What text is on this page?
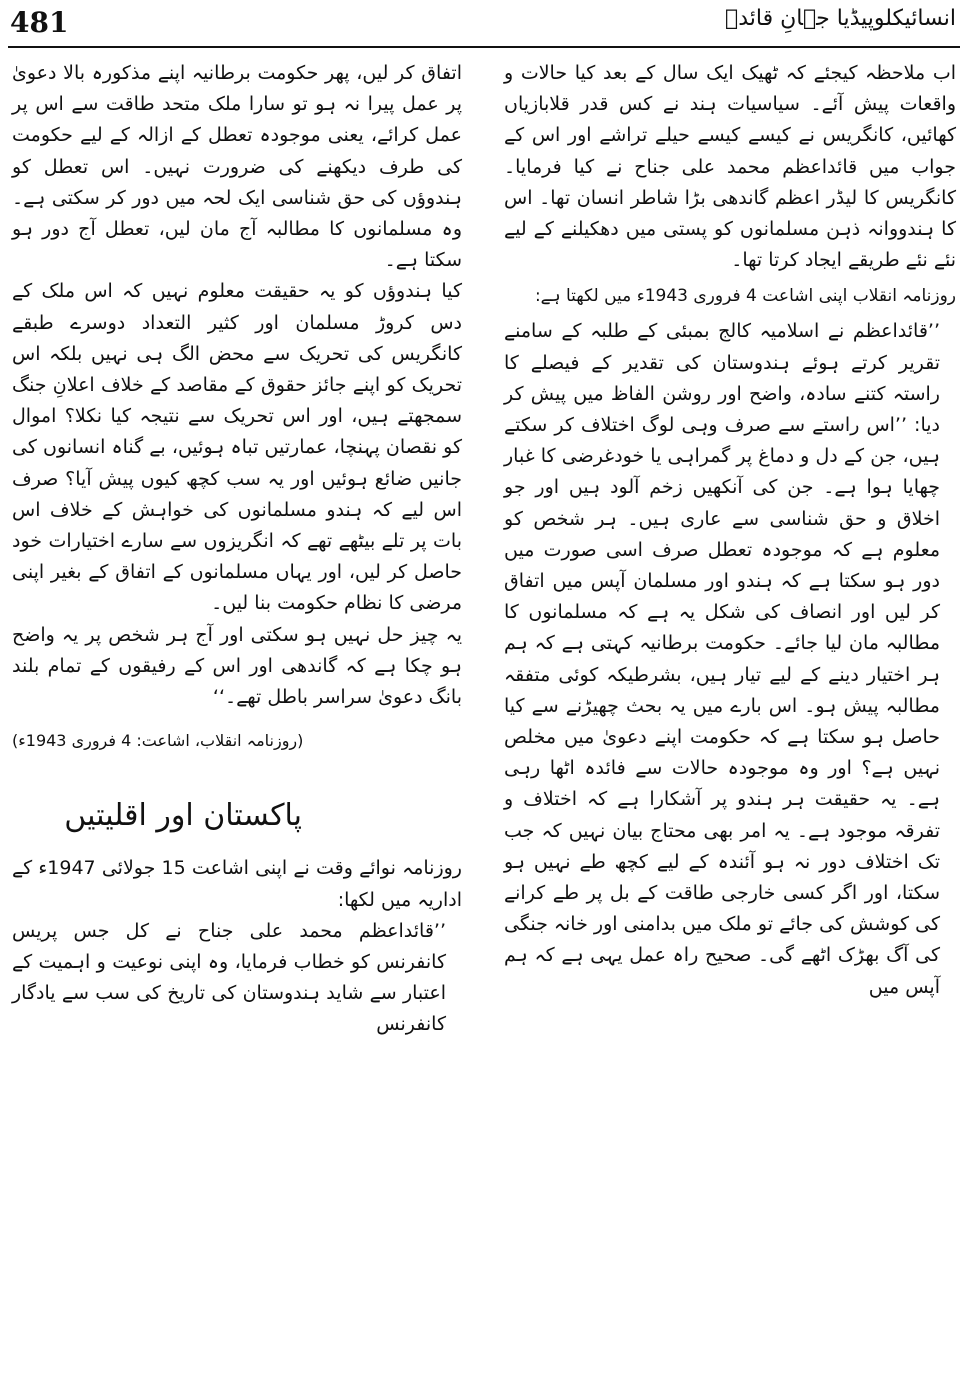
481	انسائیکلوپیڈیا جہانِ قائدؒ

اب ملاحظہ کیجئے کہ ٹھیک ایک سال کے بعد کیا حالات و واقعات پیش آئے۔ سیاسیات ہند نے کس قدر قلابازیاں کھائیں، کانگریس نے کیسے کیسے حیلے تراشے اور اس کے جواب میں قائداعظم محمد علی جناح نے کیا فرمایا۔ کانگریس کا لیڈر اعظم گاندھی بڑا شاطر انسان تھا۔ اس کا ہندووانہ ذہن مسلمانوں کو پستی میں دھکیلنے کے لیے نئے نئے طریقے ایجاد کرتا تھا۔

روزنامہ انقلاب اپنی اشاعت 4 فروری 1943ء میں لکھتا ہے:

’’قائداعظم نے اسلامیہ کالج بمبئی کے طلبہ کے سامنے تقریر کرتے ہوئے ہندوستان کی تقدیر کے فیصلے کا راستہ کتنے سادہ، واضح اور روشن الفاظ میں پیش کر دیا: ’’اس راستے سے صرف وہی لوگ اختلاف کر سکتے ہیں، جن کے دل و دماغ پر گمراہی یا خودغرضی کا غبار چھایا ہوا ہے۔ جن کی آنکھیں زخم آلود ہیں اور جو اخلاق و حق شناسی سے عاری ہیں۔ ہر شخص کو معلوم ہے کہ موجودہ تعطل صرف اسی صورت میں دور ہو سکتا ہے کہ ہندو اور مسلمان آپس میں اتفاق کر لیں اور انصاف کی شکل یہ ہے کہ مسلمانوں کا مطالبہ مان لیا جائے۔ حکومت برطانیہ کہتی ہے کہ ہم ہر اختیار دینے کے لیے تیار ہیں، بشرطیکہ کوئی متفقہ مطالبہ پیش ہو۔ اس بارے میں یہ بحث چھیڑنے سے کیا حاصل ہو سکتا ہے کہ حکومت اپنے دعویٰ میں مخلص نہیں ہے؟ اور وہ موجودہ حالات سے فائدہ اٹھا رہی ہے۔ یہ حقیقت ہر ہندو پر آشکارا ہے کہ اختلاف و تفرقہ موجود ہے۔ یہ امر بھی محتاج بیان نہیں کہ جب تک اختلاف دور نہ ہو آئندہ کے لیے کچھ طے نہیں ہو سکتا، اور اگر کسی خارجی طاقت کے بل پر طے کرانے کی کوشش کی جائے تو ملک میں بدامنی اور خانہ جنگی کی آگ بھڑک اٹھے گی۔ صحیح راہ عمل یہی ہے کہ ہم آپس میں

اتفاق کر لیں، پھر حکومت برطانیہ اپنے مذکورہ بالا دعویٰ پر عمل پیرا نہ ہو تو سارا ملک متحد طاقت سے اس پر عمل کرائے، یعنی موجودہ تعطل کے ازالہ کے لیے حکومت کی طرف دیکھنے کی ضرورت نہیں۔ اس تعطل کو ہندوؤں کی حق شناسی ایک لحہ میں دور کر سکتی ہے۔ وہ مسلمانوں کا مطالبہ آج مان لیں، تعطل آج دور ہو سکتا ہے۔

کیا ہندوؤں کو یہ حقیقت معلوم نہیں کہ اس ملک کے دس کروڑ مسلمان اور کثیر التعداد دوسرے طبقے کانگریس کی تحریک سے محض الگ ہی نہیں بلکہ اس تحریک کو اپنے جائز حقوق کے مقاصد کے خلاف اعلانِ جنگ سمجھتے ہیں، اور اس تحریک سے نتیجہ کیا نکلا؟ اموال کو نقصان پہنچا، عمارتیں تباہ ہوئیں، بے گناہ انسانوں کی جانیں ضائع ہوئیں اور یہ سب کچھ کیوں پیش آیا؟ صرف اس لیے کہ ہندو مسلمانوں کی خواہش کے خلاف اس بات پر تلے بیٹھے تھے کہ انگریزوں سے سارے اختیارات خود حاصل کر لیں، اور یہاں مسلمانوں کے اتفاق کے بغیر اپنی مرضی کا نظام حکومت بنا لیں۔

یہ چیز حل نہیں ہو سکتی اور آج ہر شخص پر یہ واضح ہو چکا ہے کہ گاندھی اور اس کے رفیقوں کے تمام بلند بانگ دعویٰ سراسر باطل تھے۔‘‘

(روزنامہ انقلاب، اشاعت: 4 فروری 1943ء)

پاکستان اور اقلیتیں

روزنامہ نوائے وقت نے اپنی اشاعت 15 جولائی 1947ء کے اداریہ میں لکھا:

’’قائداعظم محمد علی جناح نے کل جس پریس کانفرنس کو خطاب فرمایا، وہ اپنی نوعیت و اہمیت کے اعتبار سے شاید ہندوستان کی تاریخ کی سب سے یادگار کانفرنس
